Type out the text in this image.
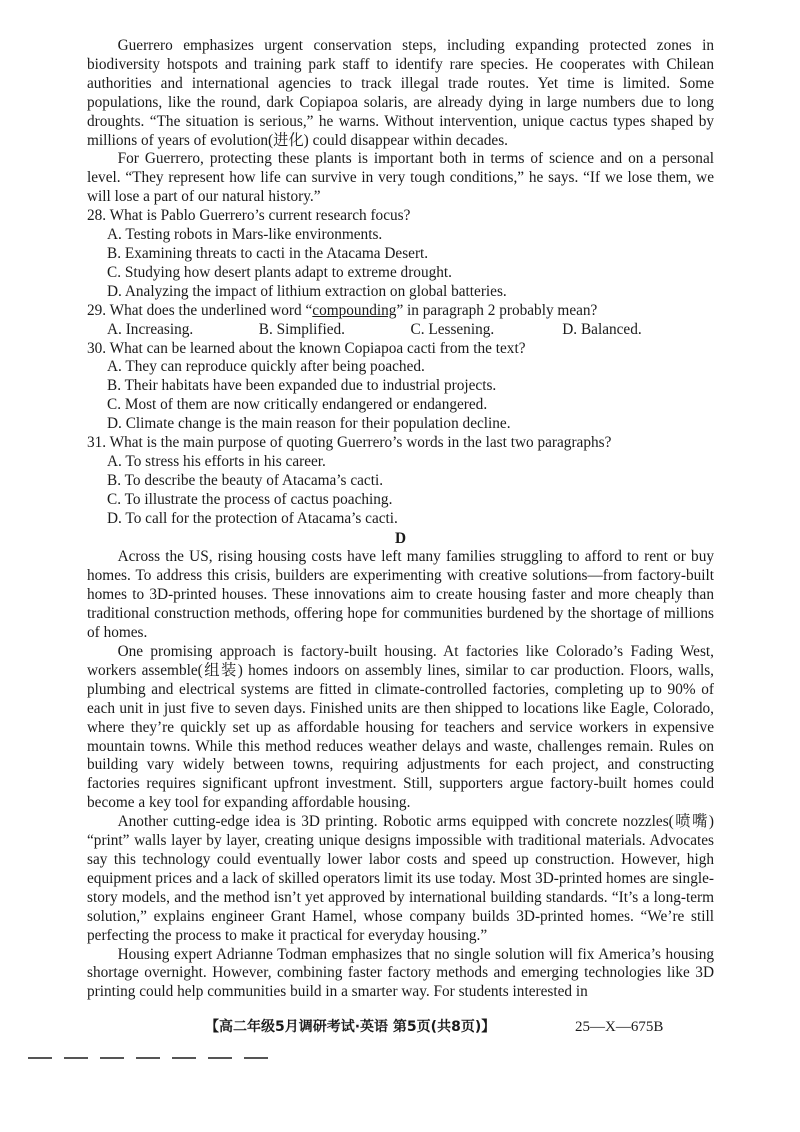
Guerrero emphasizes urgent conservation steps, including expanding protected zones in biodiversity hotspots and training park staff to identify rare species. He cooperates with Chilean authorities and international agencies to track illegal trade routes. Yet time is limited. Some populations, like the round, dark Copiapoa solaris, are already dying in large numbers due to long droughts. “The situation is serious,” he warns. Without intervention, unique cactus types shaped by millions of years of evolution(进化) could disappear within decades.

For Guerrero, protecting these plants is important both in terms of science and on a personal level. “They represent how life can survive in very tough conditions,” he says. “If we lose them, we will lose a part of our natural history.”

28. What is Pablo Guerrero’s current research focus?

A. Testing robots in Mars-like environments.

B. Examining threats to cacti in the Atacama Desert.

C. Studying how desert plants adapt to extreme drought.

D. Analyzing the impact of lithium extraction on global batteries.

29. What does the underlined word “compounding” in paragraph 2 probably mean?

A. Increasing.	B. Simplified.	C. Lessening.	D. Balanced.

30. What can be learned about the known Copiapoa cacti from the text?

A. They can reproduce quickly after being poached.

B. Their habitats have been expanded due to industrial projects.

C. Most of them are now critically endangered or endangered.

D. Climate change is the main reason for their population decline.

31. What is the main purpose of quoting Guerrero’s words in the last two paragraphs?

A. To stress his efforts in his career.

B. To describe the beauty of Atacama’s cacti.

C. To illustrate the process of cactus poaching.

D. To call for the protection of Atacama’s cacti.

D

Across the US, rising housing costs have left many families struggling to afford to rent or buy homes. To address this crisis, builders are experimenting with creative solutions—from factory-built homes to 3D-printed houses. These innovations aim to create housing faster and more cheaply than traditional construction methods, offering hope for communities burdened by the shortage of millions of homes.

One promising approach is factory-built housing. At factories like Colorado’s Fading West, workers assemble(组装) homes indoors on assembly lines, similar to car production. Floors, walls, plumbing and electrical systems are fitted in climate-controlled factories, completing up to 90% of each unit in just five to seven days. Finished units are then shipped to locations like Eagle, Colorado, where they’re quickly set up as affordable housing for teachers and service workers in expensive mountain towns. While this method reduces weather delays and waste, challenges remain. Rules on building vary widely between towns, requiring adjustments for each project, and constructing factories requires significant upfront investment. Still, supporters argue factory-built homes could become a key tool for expanding affordable housing.

Another cutting-edge idea is 3D printing. Robotic arms equipped with concrete nozzles(喷嘴) “print” walls layer by layer, creating unique designs impossible with traditional materials. Advocates say this technology could eventually lower labor costs and speed up construction. However, high equipment prices and a lack of skilled operators limit its use today. Most 3D-printed homes are single-story models, and the method isn’t yet approved by international building standards. “It’s a long-term solution,” explains engineer Grant Hamel, whose company builds 3D-printed homes. “We’re still perfecting the process to make it practical for everyday housing.”

Housing expert Adrianne Todman emphasizes that no single solution will fix America’s housing shortage overnight. However, combining faster factory methods and emerging technologies like 3D printing could help communities build in a smarter way. For students interested in

【高二年级5月调研考试·英语 第5页(共8页)】	25—X—675B
